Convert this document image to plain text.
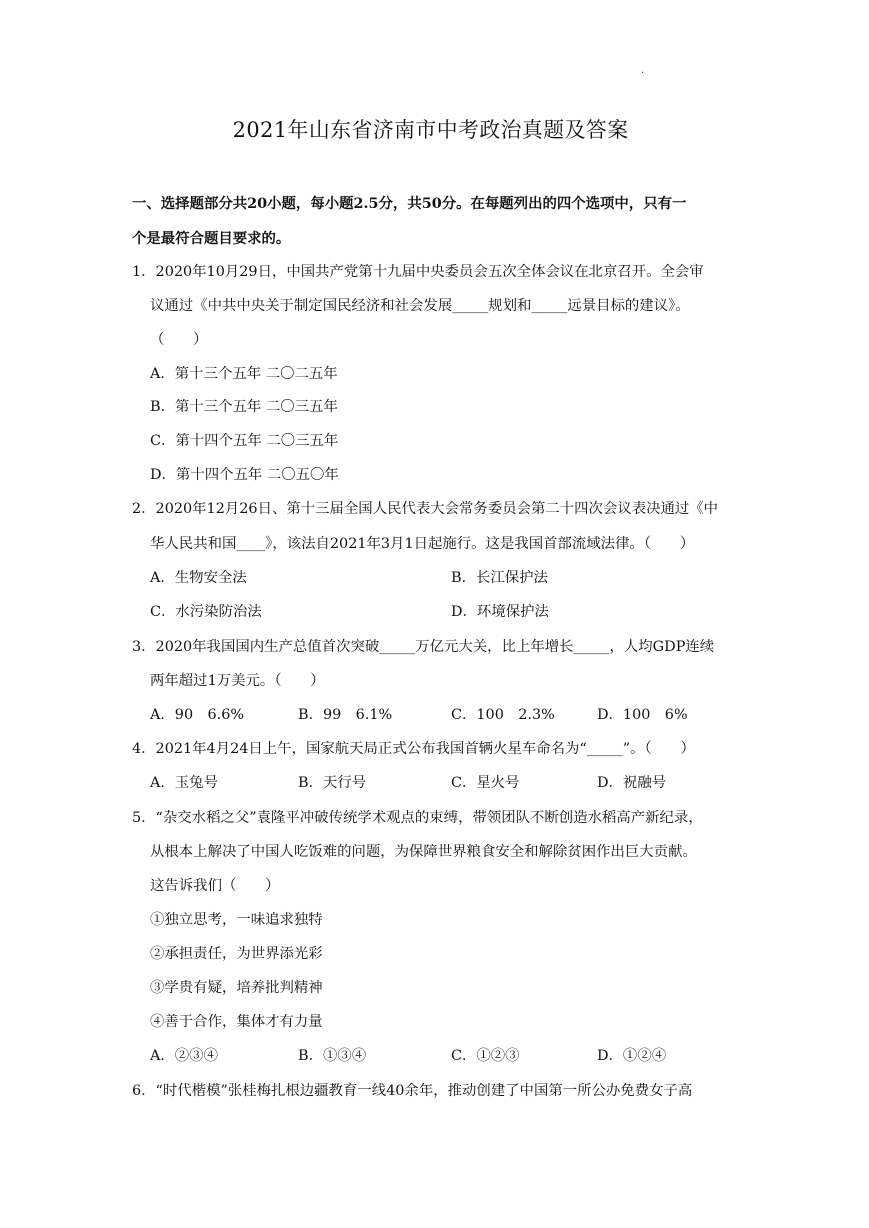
.
2021年山东省济南市中考政治真题及答案
一、选择题部分共20小题，每小题2.5分，共50分。在每题列出的四个选项中，只有一
个是最符合题目要求的。
1．2020年10月29日，中国共产党第十九届中央委员会五次全体会议在北京召开。全会审
议通过《中共中央关于制定国民经济和社会发展_____规划和_____远景目标的建议》。
（　　）
A．第十三个五年 二〇二五年
B．第十三个五年 二〇三五年
C．第十四个五年 二〇三五年
D．第十四个五年 二〇五〇年
2．2020年12月26日、第十三届全国人民代表大会常务委员会第二十四次会议表决通过《中
华人民共和国____》，该法自2021年3月1日起施行。这是我国首部流域法律。（　　）
A．生物安全法	B．长江保护法
C．水污染防治法	D．环境保护法
3．2020年我国国内生产总值首次突破_____万亿元大关，比上年增长_____，人均GDP连续
两年超过1万美元。（　　）
A．90　6.6%	B．99　6.1%	C．100　2.3%	D．100　6%
4．2021年4月24日上午，国家航天局正式公布我国首辆火星车命名为“_____”。（　　）
A．玉兔号	B．天行号	C．星火号	D．祝融号
5．“杂交水稻之父”袁隆平冲破传统学术观点的束缚，带领团队不断创造水稻高产新纪录，
从根本上解决了中国人吃饭难的问题，为保障世界粮食安全和解除贫困作出巨大贡献。
这告诉我们（　　）
①独立思考，一味追求独特
②承担责任，为世界添光彩
③学贵有疑，培养批判精神
④善于合作，集体才有力量
A．②③④	B．①③④	C．①②③	D．①②④
6．“时代楷模”张桂梅扎根边疆教育一线40余年，推动创建了中国第一所公办免费女子高
